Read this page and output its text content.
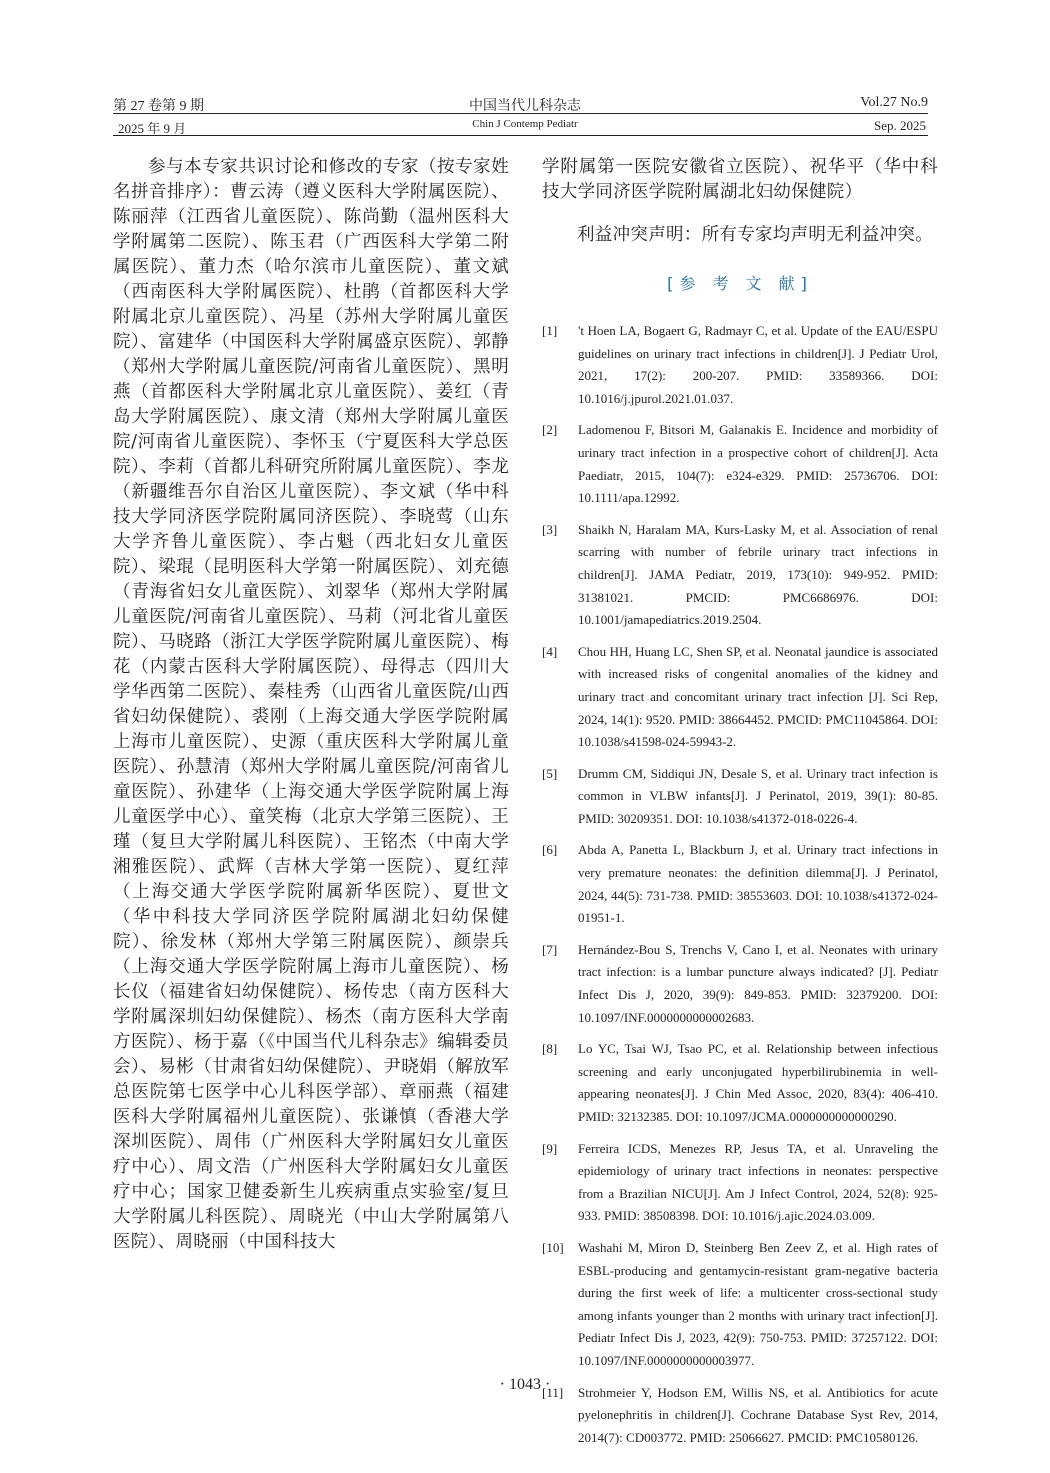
第 27 卷第 9 期
2025 年 9 月
中国当代儿科杂志
Chin J Contemp Pediatr
Vol.27 No.9
Sep. 2025

参与本专家共识讨论和修改的专家（按专家姓名拼音排序）：曹云涛（遵义医科大学附属医院）、陈丽萍（江西省儿童医院）、陈尚勤（温州医科大学附属第二医院）、陈玉君（广西医科大学第二附属医院）、董力杰（哈尔滨市儿童医院）、董文斌（西南医科大学附属医院）、杜鹃（首都医科大学附属北京儿童医院）、冯星（苏州大学附属儿童医院）、富建华（中国医科大学附属盛京医院）、郭静（郑州大学附属儿童医院/河南省儿童医院）、黑明燕（首都医科大学附属北京儿童医院）、姜红（青岛大学附属医院）、康文清（郑州大学附属儿童医院/河南省儿童医院）、李怀玉（宁夏医科大学总医院）、李莉（首都儿科研究所附属儿童医院）、李龙（新疆维吾尔自治区儿童医院）、李文斌（华中科技大学同济医学院附属同济医院）、李晓莺（山东大学齐鲁儿童医院）、李占魁（西北妇女儿童医院）、梁琨（昆明医科大学第一附属医院）、刘充德（青海省妇女儿童医院）、刘翠华（郑州大学附属儿童医院/河南省儿童医院）、马莉（河北省儿童医院）、马晓路（浙江大学医学院附属儿童医院）、梅花（内蒙古医科大学附属医院）、母得志（四川大学华西第二医院）、秦桂秀（山西省儿童医院/山西省妇幼保健院）、裘刚（上海交通大学医学院附属上海市儿童医院）、史源（重庆医科大学附属儿童医院）、孙慧清（郑州大学附属儿童医院/河南省儿童医院）、孙建华（上海交通大学医学院附属上海儿童医学中心）、童笑梅（北京大学第三医院）、王瑾（复旦大学附属儿科医院）、王铭杰（中南大学湘雅医院）、武辉（吉林大学第一医院）、夏红萍（上海交通大学医学院附属新华医院）、夏世文（华中科技大学同济医学院附属湖北妇幼保健院）、徐发林（郑州大学第三附属医院）、颜崇兵（上海交通大学医学院附属上海市儿童医院）、杨长仪（福建省妇幼保健院）、杨传忠（南方医科大学附属深圳妇幼保健院）、杨杰（南方医科大学南方医院）、杨于嘉（《中国当代儿科杂志》编辑委员会）、易彬（甘肃省妇幼保健院）、尹晓娟（解放军总医院第七医学中心儿科医学部）、章丽燕（福建医科大学附属福州儿童医院）、张谦慎（香港大学深圳医院）、周伟（广州医科大学附属妇女儿童医疗中心）、周文浩（广州医科大学附属妇女儿童医疗中心；国家卫健委新生儿疾病重点实验室/复旦大学附属儿科医院）、周晓光（中山大学附属第八医院）、周晓丽（中国科技大

学附属第一医院安徽省立医院）、祝华平（华中科技大学同济医学院附属湖北妇幼保健院）

利益冲突声明：所有专家均声明无利益冲突。

[参 考 文 献]
[1]	't Hoen LA, Bogaert G, Radmayr C, et al. Update of the EAU/ESPU guidelines on urinary tract infections in children[J]. J Pediatr Urol, 2021, 17(2): 200-207. PMID: 33589366. DOI: 10.1016/j.jpurol.2021.01.037.
[2]	Ladomenou F, Bitsori M, Galanakis E. Incidence and morbidity of urinary tract infection in a prospective cohort of children[J]. Acta Paediatr, 2015, 104(7): e324-e329. PMID: 25736706. DOI: 10.1111/apa.12992.
[3]	Shaikh N, Haralam MA, Kurs-Lasky M, et al. Association of renal scarring with number of febrile urinary tract infections in children[J]. JAMA Pediatr, 2019, 173(10): 949-952. PMID: 31381021. PMCID: PMC6686976. DOI: 10.1001/jamapediatrics.2019.2504.
[4]	Chou HH, Huang LC, Shen SP, et al. Neonatal jaundice is associated with increased risks of congenital anomalies of the kidney and urinary tract and concomitant urinary tract infection [J]. Sci Rep, 2024, 14(1): 9520. PMID: 38664452. PMCID: PMC11045864. DOI: 10.1038/s41598-024-59943-2.
[5]	Drumm CM, Siddiqui JN, Desale S, et al. Urinary tract infection is common in VLBW infants[J]. J Perinatol, 2019, 39(1): 80-85. PMID: 30209351. DOI: 10.1038/s41372-018-0226-4.
[6]	Abda A, Panetta L, Blackburn J, et al. Urinary tract infections in very premature neonates: the definition dilemma[J]. J Perinatol, 2024, 44(5): 731-738. PMID: 38553603. DOI: 10.1038/s41372-024-01951-1.
[7]	Hernández-Bou S, Trenchs V, Cano I, et al. Neonates with urinary tract infection: is a lumbar puncture always indicated? [J]. Pediatr Infect Dis J, 2020, 39(9): 849-853. PMID: 32379200. DOI: 10.1097/INF.0000000000002683.
[8]	Lo YC, Tsai WJ, Tsao PC, et al. Relationship between infectious screening and early unconjugated hyperbilirubinemia in well-appearing neonates[J]. J Chin Med Assoc, 2020, 83(4): 406-410. PMID: 32132385. DOI: 10.1097/JCMA.0000000000000290.
[9]	Ferreira ICDS, Menezes RP, Jesus TA, et al. Unraveling the epidemiology of urinary tract infections in neonates: perspective from a Brazilian NICU[J]. Am J Infect Control, 2024, 52(8): 925-933. PMID: 38508398. DOI: 10.1016/j.ajic.2024.03.009.
[10]	Washahi M, Miron D, Steinberg Ben Zeev Z, et al. High rates of ESBL-producing and gentamycin-resistant gram-negative bacteria during the first week of life: a multicenter cross-sectional study among infants younger than 2 months with urinary tract infection[J]. Pediatr Infect Dis J, 2023, 42(9): 750-753. PMID: 37257122. DOI: 10.1097/INF.0000000000003977.
[11]	Strohmeier Y, Hodson EM, Willis NS, et al. Antibiotics for acute pyelonephritis in children[J]. Cochrane Database Syst Rev, 2014, 2014(7): CD003772. PMID: 25066627. PMCID: PMC10580126.
· 1043 ·
